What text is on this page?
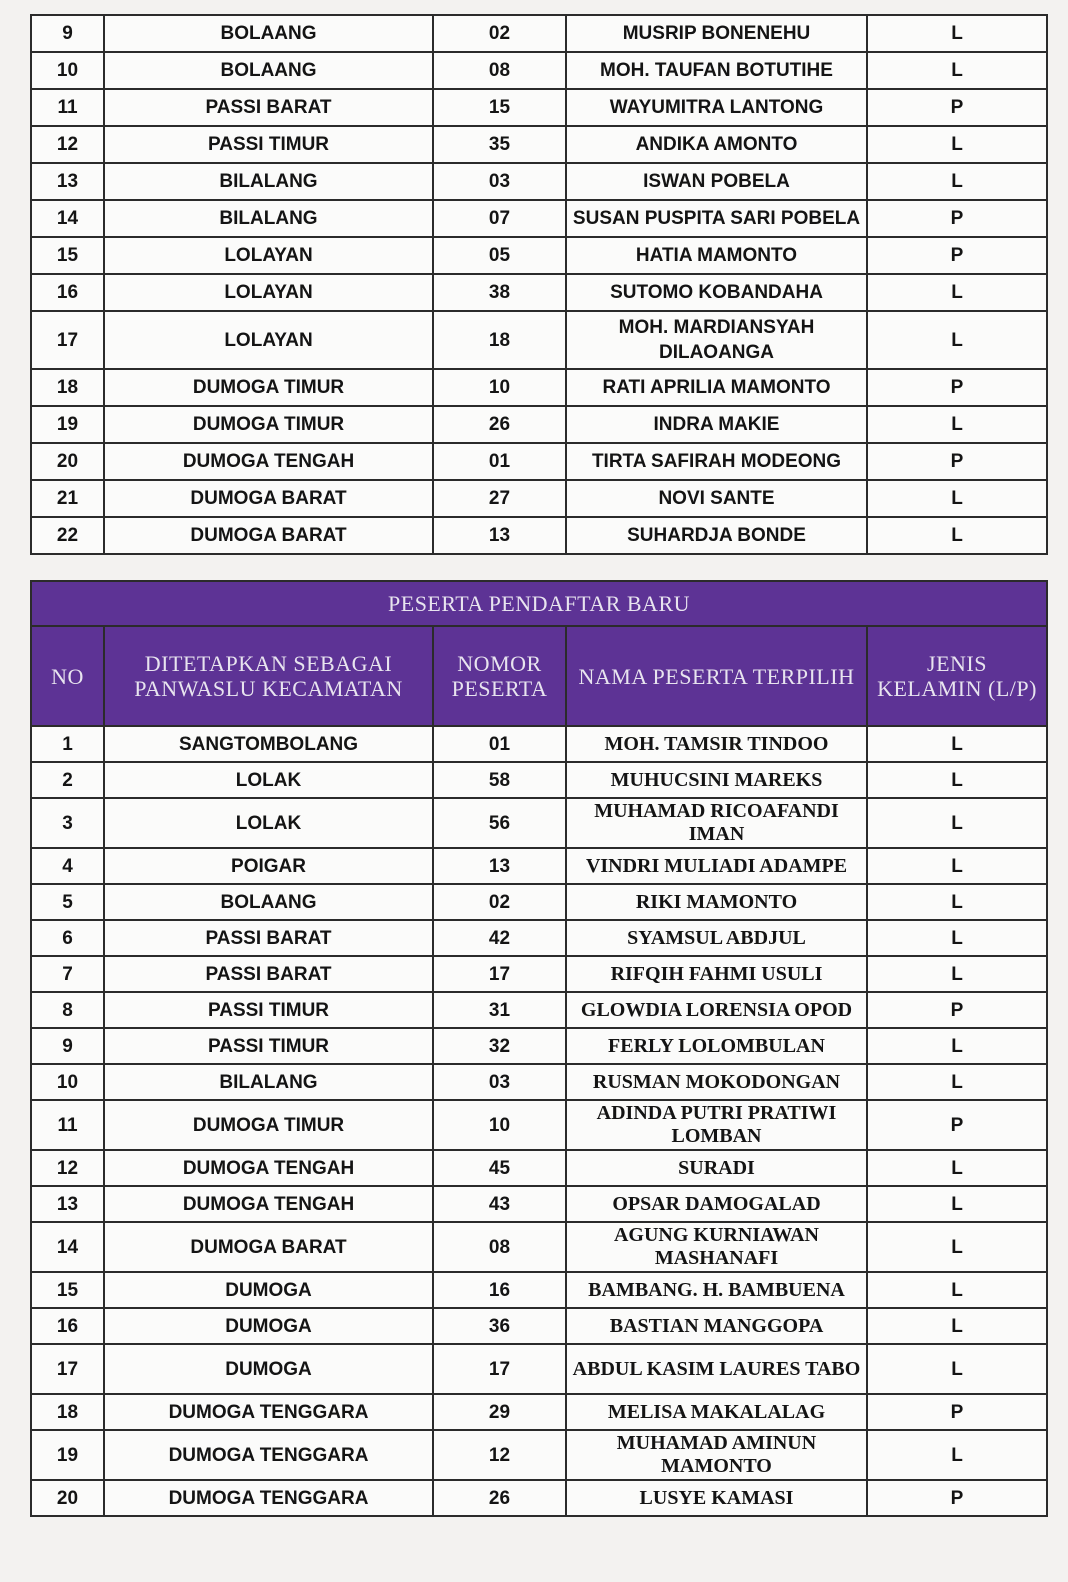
9	BOLAANG	02	MUSRIP BONENEHU	L
10	BOLAANG	08	MOH. TAUFAN BOTUTIHE	L
11	PASSI BARAT	15	WAYUMITRA LANTONG	P
12	PASSI TIMUR	35	ANDIKA AMONTO	L
13	BILALANG	03	ISWAN POBELA	L
14	BILALANG	07	SUSAN PUSPITA SARI POBELA	P
15	LOLAYAN	05	HATIA MAMONTO	P
16	LOLAYAN	38	SUTOMO KOBANDAHA	L
17	LOLAYAN	18	MOH. MARDIANSYAH DILAOANGA	L
18	DUMOGA TIMUR	10	RATI APRILIA MAMONTO	P
19	DUMOGA TIMUR	26	INDRA MAKIE	L
20	DUMOGA TENGAH	01	TIRTA SAFIRAH MODEONG	P
21	DUMOGA BARAT	27	NOVI SANTE	L
22	DUMOGA BARAT	13	SUHARDJA BONDE	L
PESERTA PENDAFTAR BARU				
NO	DITETAPKAN SEBAGAI PANWASLU KECAMATAN	NOMOR PESERTA	NAMA PESERTA TERPILIH	JENIS KELAMIN (L/P)
1	SANGTOMBOLANG	01	MOH. TAMSIR TINDOO	L
2	LOLAK	58	MUHUCSINI MAREKS	L
3	LOLAK	56	MUHAMAD RICOAFANDI IMAN	L
4	POIGAR	13	VINDRI MULIADI ADAMPE	L
5	BOLAANG	02	RIKI MAMONTO	L
6	PASSI BARAT	42	SYAMSUL ABDJUL	L
7	PASSI BARAT	17	RIFQIH FAHMI USULI	L
8	PASSI TIMUR	31	GLOWDIA LORENSIA OPOD	P
9	PASSI TIMUR	32	FERLY LOLOMBULAN	L
10	BILALANG	03	RUSMAN MOKODONGAN	L
11	DUMOGA TIMUR	10	ADINDA PUTRI PRATIWI LOMBAN	P
12	DUMOGA TENGAH	45	SURADI	L
13	DUMOGA TENGAH	43	OPSAR DAMOGALAD	L
14	DUMOGA BARAT	08	AGUNG KURNIAWAN MASHANAFI	L
15	DUMOGA	16	BAMBANG. H. BAMBUENA	L
16	DUMOGA	36	BASTIAN MANGGOPA	L
17	DUMOGA	17	ABDUL KASIM LAURES TABO	L
18	DUMOGA TENGGARA	29	MELISA MAKALALAG	P
19	DUMOGA TENGGARA	12	MUHAMAD AMINUN MAMONTO	L
20	DUMOGA TENGGARA	26	LUSYE KAMASI	P
